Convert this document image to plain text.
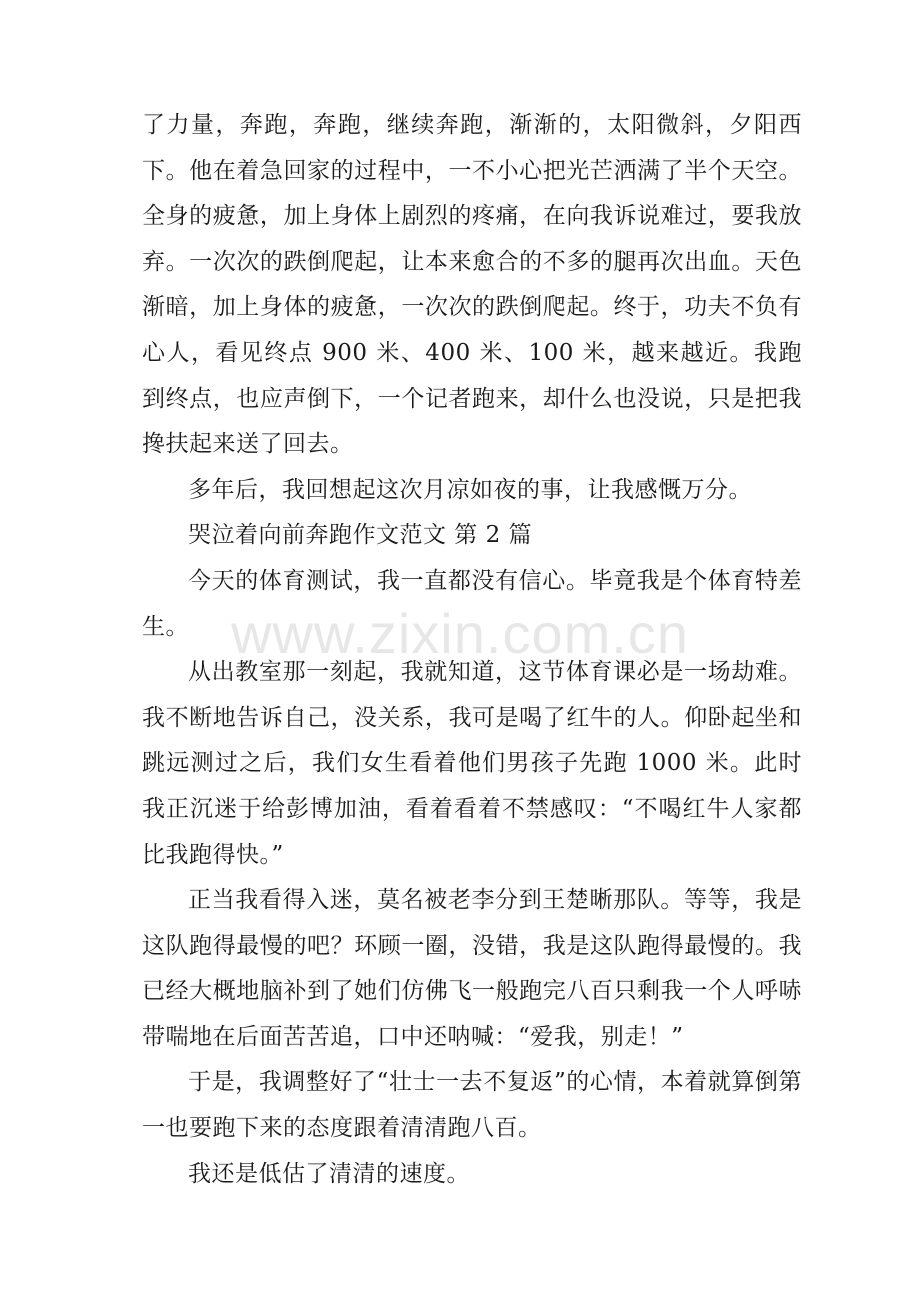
了力量，奔跑，奔跑，继续奔跑，渐渐的，太阳微斜，夕阳西下。他在着急回家的过程中，一不小心把光芒洒满了半个天空。全身的疲惫，加上身体上剧烈的疼痛，在向我诉说难过，要我放弃。一次次的跌倒爬起，让本来愈合的不多的腿再次出血。天色渐暗，加上身体的疲惫，一次次的跌倒爬起。终于，功夫不负有心人，看见终点 900 米、400 米、100 米，越来越近。我跑到终点，也应声倒下，一个记者跑来，却什么也没说，只是把我搀扶起来送了回去。

多年后，我回想起这次月凉如夜的事，让我感慨万分。

哭泣着向前奔跑作文范文 第 2 篇

今天的体育测试，我一直都没有信心。毕竟我是个体育特差生。

从出教室那一刻起，我就知道，这节体育课必是一场劫难。我不断地告诉自己，没关系，我可是喝了红牛的人。仰卧起坐和跳远测过之后，我们女生看着他们男孩子先跑 1000 米。此时我正沉迷于给彭博加油，看着看着不禁感叹：“不喝红牛人家都比我跑得快。”

正当我看得入迷，莫名被老李分到王楚晰那队。等等，我是这队跑得最慢的吧？环顾一圈，没错，我是这队跑得最慢的。我已经大概地脑补到了她们仿佛飞一般跑完八百只剩我一个人呼哧带喘地在后面苦苦追，口中还呐喊：“爱我，别走！”

于是，我调整好了“壮士一去不复返”的心情，本着就算倒第一也要跑下来的态度跟着清清跑八百。

我还是低估了清清的速度。

www.zixin.com.cn
